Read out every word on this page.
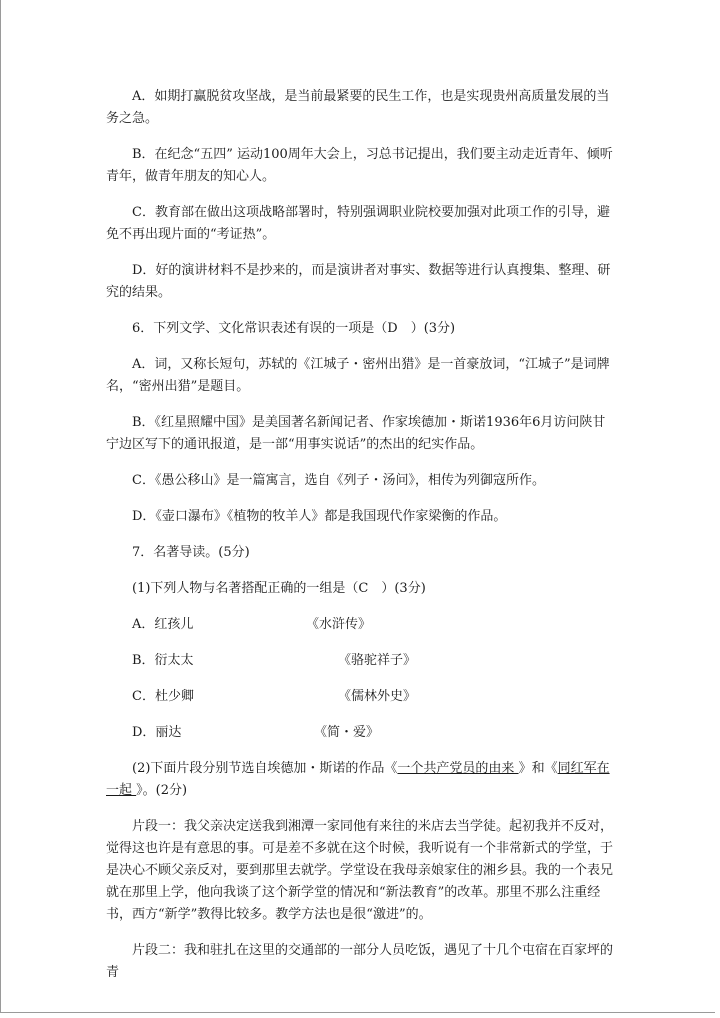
A．如期打赢脱贫攻坚战，是当前最紧要的民生工作，也是实现贵州高质量发展的当务之急。

B．在纪念“五四” 运动100周年大会上，习总书记提出，我们要主动走近青年、倾听青年，做青年朋友的知心人。

C．教育部在做出这项战略部署时，特别强调职业院校要加强对此项工作的引导，避免不再出现片面的“考证热”。

D．好的演讲材料不是抄来的，而是演讲者对事实、数据等进行认真搜集、整理、研究的结果。

6．下列文学、文化常识表述有误的一项是（D　）(3分)

A．词，又称长短句，苏轼的《江城子・密州出猎》是一首豪放词，“江城子”是词牌名，“密州出猎”是题目。

B．《红星照耀中国》是美国著名新闻记者、作家埃德加・斯诺1936年6月访问陕甘宁边区写下的通讯报道，是一部“用事实说话”的杰出的纪实作品。

C．《愚公移山》是一篇寓言，选自《列子・汤问》，相传为列御寇所作。

D．《壶口瀑布》《植物的牧羊人》都是我国现代作家梁衡的作品。

7．名著导读。(5分)

(1)下列人物与名著搭配正确的一组是（C　）(3分)

A．红孩儿	《水浒传》
B．衍太太	《骆驼祥子》
C．杜少卿	《儒林外史》
D．丽达	《简・爱》

(2)下面片段分别节选自埃德加・斯诺的作品《一个共产党员的由来 》和《同红军在一起 》。(2分)

片段一：我父亲决定送我到湘潭一家同他有来往的米店去当学徒。起初我并不反对，觉得这也许是有意思的事。可是差不多就在这个时候，我听说有一个非常新式的学堂，于是决心不顾父亲反对，要到那里去就学。学堂设在我母亲娘家住的湘乡县。我的一个表兄就在那里上学，他向我谈了这个新学堂的情况和“新法教育”的改革。那里不那么注重经书，西方“新学”教得比较多。教学方法也是很“激进”的。

片段二：我和驻扎在这里的交通部的一部分人员吃饭，遇见了十几个屯宿在百家坪的青
